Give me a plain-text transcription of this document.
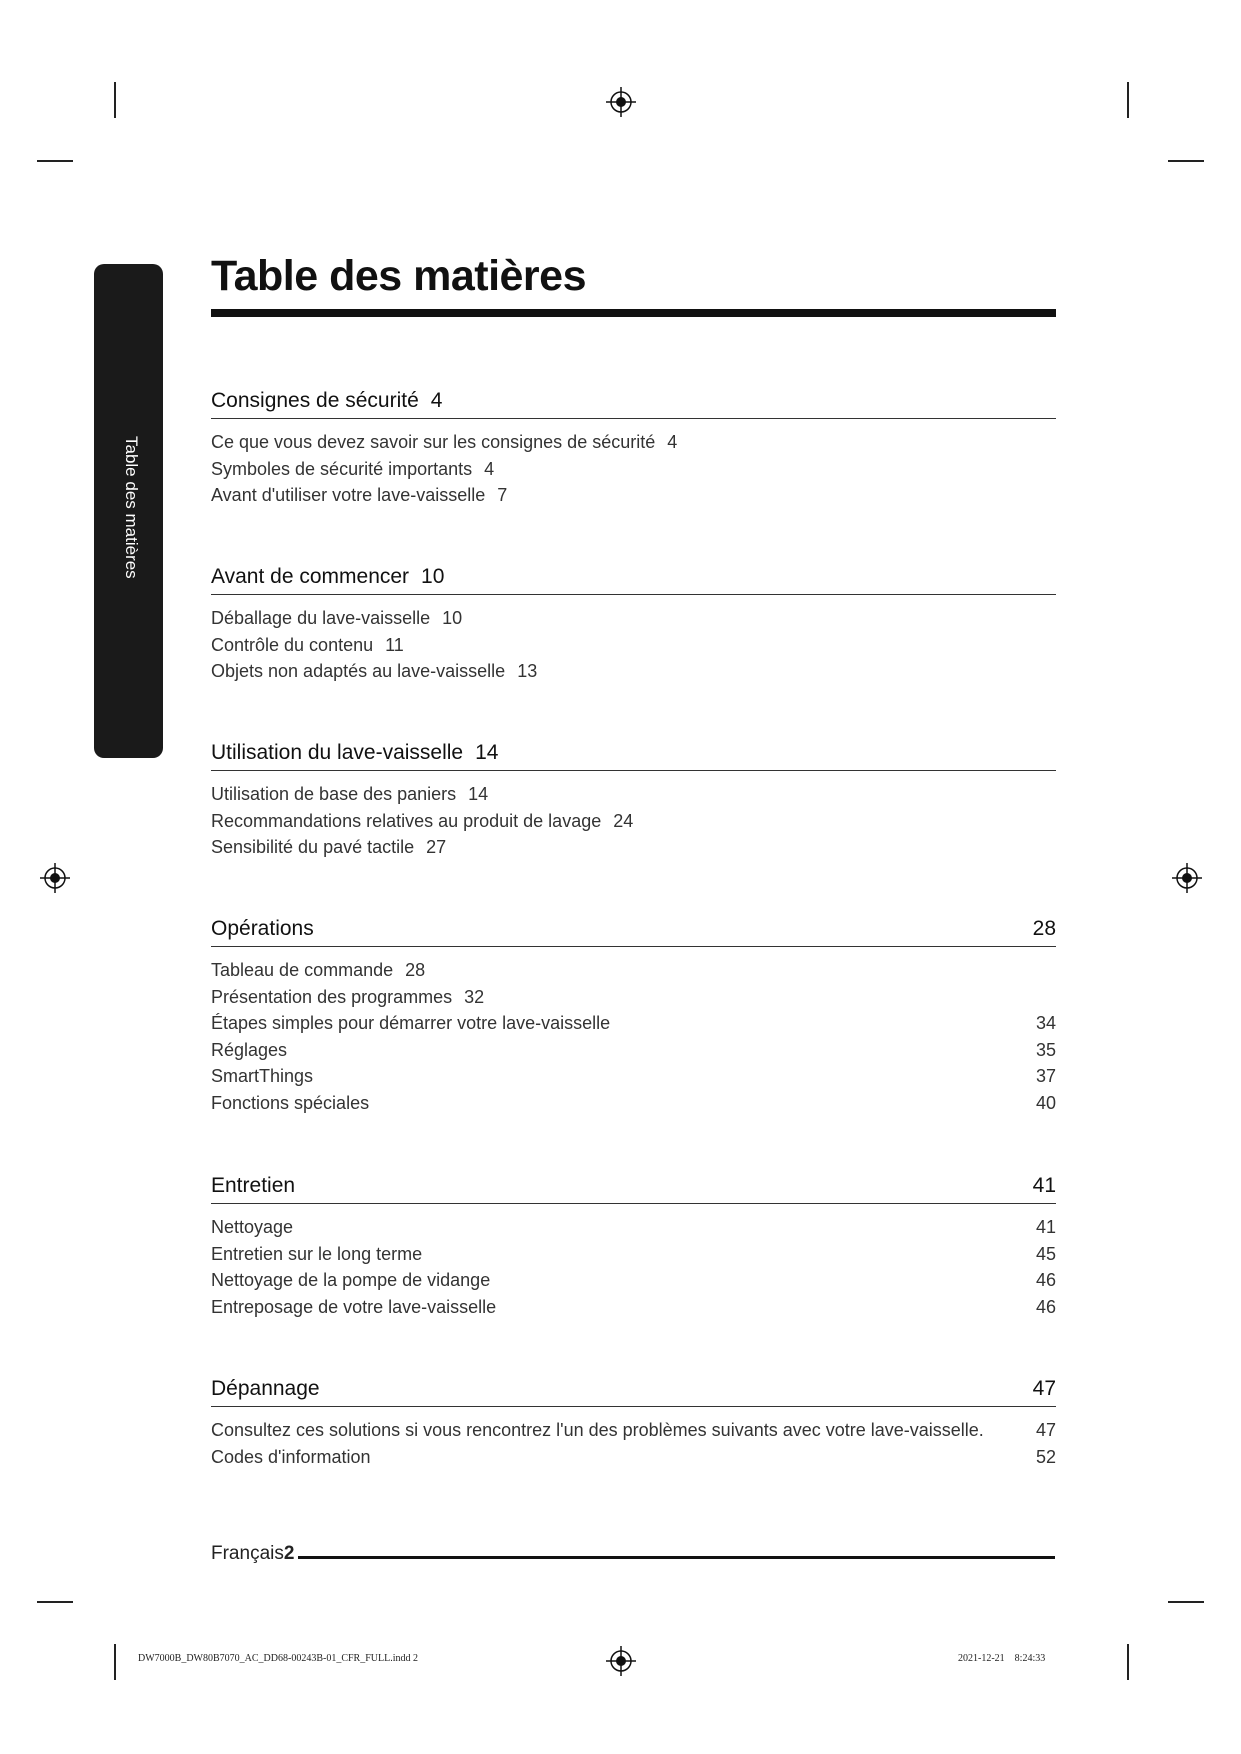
Table des matières
Table des matières
Consignes de sécurité 4
Ce que vous devez savoir sur les consignes de sécurité 4
Symboles de sécurité importants 4
Avant d'utiliser votre lave-vaisselle 7
Avant de commencer 10
Déballage du lave-vaisselle 10
Contrôle du contenu 11
Objets non adaptés au lave-vaisselle 13
Utilisation du lave-vaisselle 14
Utilisation de base des paniers 14
Recommandations relatives au produit de lavage 24
Sensibilité du pavé tactile 27
Opérations	28
Tableau de commande 28
Présentation des programmes 32
Étapes simples pour démarrer votre lave-vaisselle	34
Réglages	35
SmartThings	37
Fonctions spéciales	40
Entretien	41
Nettoyage	41
Entretien sur le long terme	45
Nettoyage de la pompe de vidange	46
Entreposage de votre lave-vaisselle	46
Dépannage	47
Consultez ces solutions si vous rencontrez l'un des problèmes suivants avec votre lave-vaisselle.	47
Codes d'information	52
Français2
DW7000B_DW80B7070_AC_DD68-00243B-01_CFR_FULL.indd 2	2021-12-21   8:24:33
